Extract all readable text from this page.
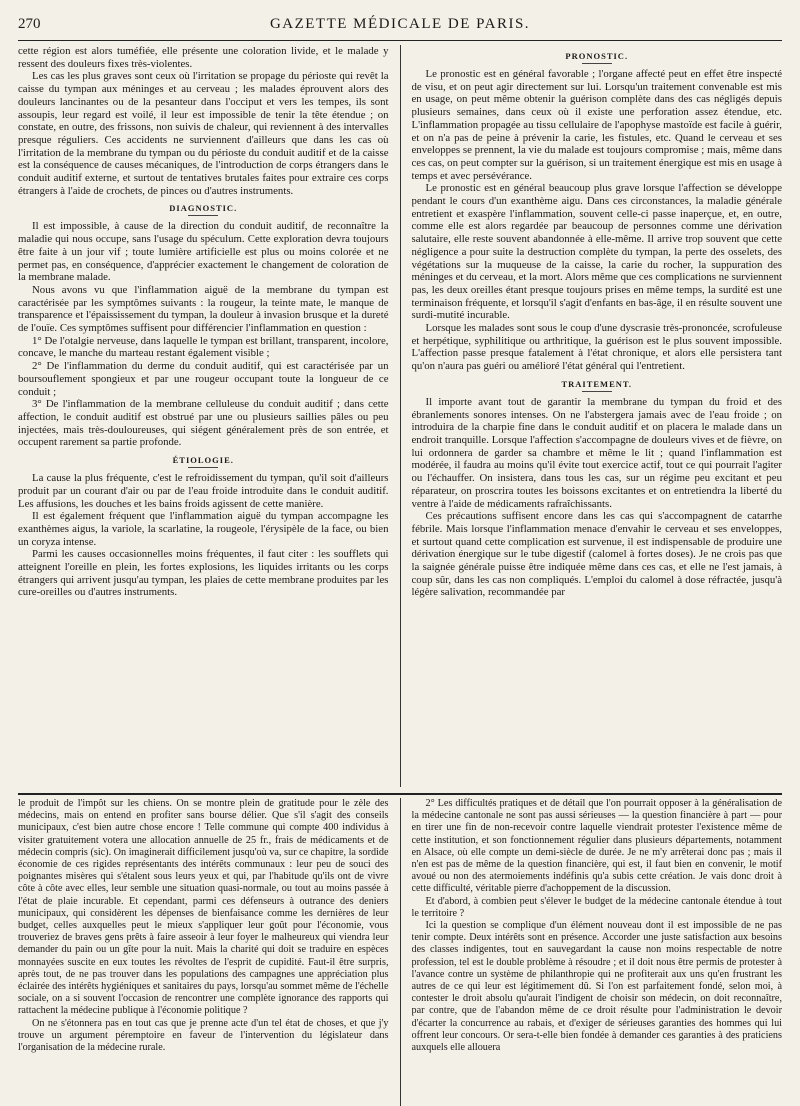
270	GAZETTE MÉDICALE DE PARIS.

cette région est alors tuméfiée, elle présente une coloration livide, et le malade y ressent des douleurs fixes très-violentes.

Les cas les plus graves sont ceux où l'irritation se propage du périoste qui revêt la caisse du tympan aux méninges et au cerveau ; les malades éprouvent alors des douleurs lancinantes ou de la pesanteur dans l'occiput et vers les tempes, ils sont assoupis, leur regard est voilé, il leur est impossible de tenir la tête étendue ; on constate, en outre, des frissons, non suivis de chaleur, qui reviennent à des intervalles presque réguliers. Ces accidents ne surviennent d'ailleurs que dans les cas où l'irritation de la membrane du tympan ou du périoste du conduit auditif et de la caisse est la conséquence de causes mécaniques, de l'introduction de corps étrangers dans le conduit auditif externe, et surtout de tentatives brutales faites pour extraire ces corps étrangers à l'aide de crochets, de pinces ou d'autres instruments.

DIAGNOSTIC.

Il est impossible, à cause de la direction du conduit auditif, de reconnaître la maladie qui nous occupe, sans l'usage du spéculum. Cette exploration devra toujours être faite à un jour vif ; toute lumière artificielle est plus ou moins colorée et ne permet pas, en conséquence, d'apprécier exactement le changement de coloration de la membrane malade.

Nous avons vu que l'inflammation aiguë de la membrane du tympan est caractérisée par les symptômes suivants : la rougeur, la teinte mate, le manque de transparence et l'épaississement du tympan, la douleur à invasion brusque et la dureté de l'ouïe. Ces symptômes suffisent pour différencier l'inflammation en question :

1° De l'otalgie nerveuse, dans laquelle le tympan est brillant, transparent, incolore, concave, le manche du marteau restant également visible ;

2° De l'inflammation du derme du conduit auditif, qui est caractérisée par un boursouflement spongieux et par une rougeur occupant toute la longueur de ce conduit ;

3° De l'inflammation de la membrane celluleuse du conduit auditif ; dans cette affection, le conduit auditif est obstrué par une ou plusieurs saillies pâles ou peu injectées, mais très-douloureuses, qui siégent généralement près de son entrée, et occupent rarement sa partie profonde.

ÉTIOLOGIE.

La cause la plus fréquente, c'est le refroidissement du tympan, qu'il soit d'ailleurs produit par un courant d'air ou par de l'eau froide introduite dans le conduit auditif. Les affusions, les douches et les bains froids agissent de cette manière.

Il est également fréquent que l'inflammation aiguë du tympan accompagne les exanthèmes aigus, la variole, la scarlatine, la rougeole, l'érysipèle de la face, ou bien un coryza intense.

Parmi les causes occasionnelles moins fréquentes, il faut citer : les soufflets qui atteignent l'oreille en plein, les fortes explosions, les liquides irritants ou les corps étrangers qui arrivent jusqu'au tympan, les plaies de cette membrane produites par les cure-oreilles ou d'autres instruments.

PRONOSTIC.

Le pronostic est en général favorable ; l'organe affecté peut en effet être inspecté de visu, et on peut agir directement sur lui. Lorsqu'un traitement convenable est mis en usage, on peut même obtenir la guérison complète dans des cas négligés depuis plusieurs semaines, dans ceux où il existe une perforation assez étendue, etc. L'inflammation propagée au tissu cellulaire de l'apophyse mastoïde est facile à guérir, et on n'a pas de peine à prévenir la carie, les fistules, etc. Quand le cerveau et ses enveloppes se prennent, la vie du malade est toujours compromise ; mais, même dans ces cas, on peut compter sur la guérison, si un traitement énergique est mis en usage à temps et avec persévérance.

Le pronostic est en général beaucoup plus grave lorsque l'affection se développe pendant le cours d'un exanthème aigu. Dans ces circonstances, la maladie générale entretient et exaspère l'inflammation, souvent celle-ci passe inaperçue, et, en outre, comme elle est alors regardée par beaucoup de personnes comme une dérivation salutaire, elle reste souvent abandonnée à elle-même. Il arrive trop souvent que cette négligence a pour suite la destruction complète du tympan, la perte des osselets, des végétations sur la muqueuse de la caisse, la carie du rocher, la suppuration des méninges et du cerveau, et la mort. Alors même que ces complications ne surviennent pas, les deux oreilles étant presque toujours prises en même temps, la surdité est une terminaison fréquente, et lorsqu'il s'agit d'enfants en bas-âge, il en résulte souvent une surdi-mutité incurable.

Lorsque les malades sont sous le coup d'une dyscrasie très-prononcée, scrofuleuse et herpétique, syphilitique ou arthritique, la guérison est le plus souvent impossible. L'affection passe presque fatalement à l'état chronique, et alors elle persistera tant qu'on n'aura pas guéri ou amélioré l'état général qui l'entretient.

TRAITEMENT.

Il importe avant tout de garantir la membrane du tympan du froid et des ébranlements sonores intenses. On ne l'abstergera jamais avec de l'eau froide ; on introduira de la charpie fine dans le conduit auditif et on placera le malade dans un endroit tranquille. Lorsque l'affection s'accompagne de douleurs vives et de fièvre, on lui ordonnera de garder sa chambre et même le lit ; quand l'inflammation est modérée, il faudra au moins qu'il évite tout exercice actif, tout ce qui pourrait l'agiter ou l'échauffer. On insistera, dans tous les cas, sur un régime peu excitant et peu réparateur, on proscrira toutes les boissons excitantes et on entretiendra la liberté du ventre à l'aide de médicaments rafraîchissants.

Ces précautions suffisent encore dans les cas qui s'accompagnent de catarrhe fébrile. Mais lorsque l'inflammation menace d'envahir le cerveau et ses enveloppes, et surtout quand cette complication est survenue, il est indispensable de produire une dérivation énergique sur le tube digestif (calomel à fortes doses). Je ne crois pas que la saignée générale puisse être indiquée même dans ces cas, et elle ne l'est jamais, à coup sûr, dans les cas non compliqués. L'emploi du calomel à dose réfractée, jusqu'à légère salivation, recommandée par

le produit de l'impôt sur les chiens. On se montre plein de gratitude pour le zèle des médecins, mais on entend en profiter sans bourse délier. Que s'il s'agit des conseils municipaux, c'est bien autre chose encore ! Telle commune qui compte 400 individus à visiter gratuitement votera une allocation annuelle de 25 fr., frais de médicaments et de médecin compris (sic). On imaginerait difficilement jusqu'où va, sur ce chapitre, la sordide économie de ces rigides représentants des intérêts communaux : leur peu de souci des poignantes misères qui s'étalent sous leurs yeux et qui, par l'habitude qu'ils ont de vivre côte à côte avec elles, leur semble une situation quasi-normale, ou tout au moins passée à l'état de plaie incurable. Et cependant, parmi ces défenseurs à outrance des deniers municipaux, qui considèrent les dépenses de bienfaisance comme les dernières de leur budget, celles auxquelles peut le mieux s'appliquer leur goût pour l'économie, vous trouveriez de braves gens prêts à faire asseoir à leur foyer le malheureux qui viendra leur demander du pain ou un gîte pour la nuit. Mais la charité qui doit se traduire en espèces monnayées suscite en eux toutes les révoltes de l'esprit de cupidité. Faut-il être surpris, après tout, de ne pas trouver dans les populations des campagnes une appréciation plus éclairée des intérêts hygiéniques et sanitaires du pays, lorsqu'au sommet même de l'échelle sociale, on a si souvent l'occasion de rencontrer une complète ignorance des rapports qui rattachent la médecine publique à l'économie politique ?

On ne s'étonnera pas en tout cas que je prenne acte d'un tel état de choses, et que j'y trouve un argument péremptoire en faveur de l'intervention du législateur dans l'organisation de la médecine rurale.

2° Les difficultés pratiques et de détail que l'on pourrait opposer à la généralisation de la médecine cantonale ne sont pas aussi sérieuses — la question financière à part — pour en tirer une fin de non-recevoir contre laquelle viendrait protester l'existence même de cette institution, et son fonctionnement régulier dans plusieurs départements, notamment en Alsace, où elle compte un demi-siècle de durée. Je ne m'y arrêterai donc pas ; mais il n'en est pas de même de la question financière, qui est, il faut bien en convenir, le motif avoué ou non des atermoiements indéfinis qu'a subis cette création. Je vais donc droit à cette difficulté, véritable pierre d'achoppement de la discussion.

Et d'abord, à combien peut s'élever le budget de la médecine cantonale étendue à tout le territoire ?

Ici la question se complique d'un élément nouveau dont il est impossible de ne pas tenir compte. Deux intérêts sont en présence. Accorder une juste satisfaction aux besoins des classes indigentes, tout en sauvegardant la cause non moins respectable de notre profession, tel est le double problème à résoudre ; et il doit nous être permis de protester à l'avance contre un système de philanthropie qui ne profiterait aux uns qu'en frustrant les autres de ce qui leur est légitimement dû. Si l'on est parfaitement fondé, selon moi, à contester le droit absolu qu'aurait l'indigent de choisir son médecin, on doit reconnaître, par contre, que de l'abandon même de ce droit résulte pour l'administration le devoir d'écarter la concurrence au rabais, et d'exiger de sérieuses garanties des hommes qui lui offrent leur concours. Or sera-t-elle bien fondée à demander ces garanties à des praticiens auxquels elle allouera
